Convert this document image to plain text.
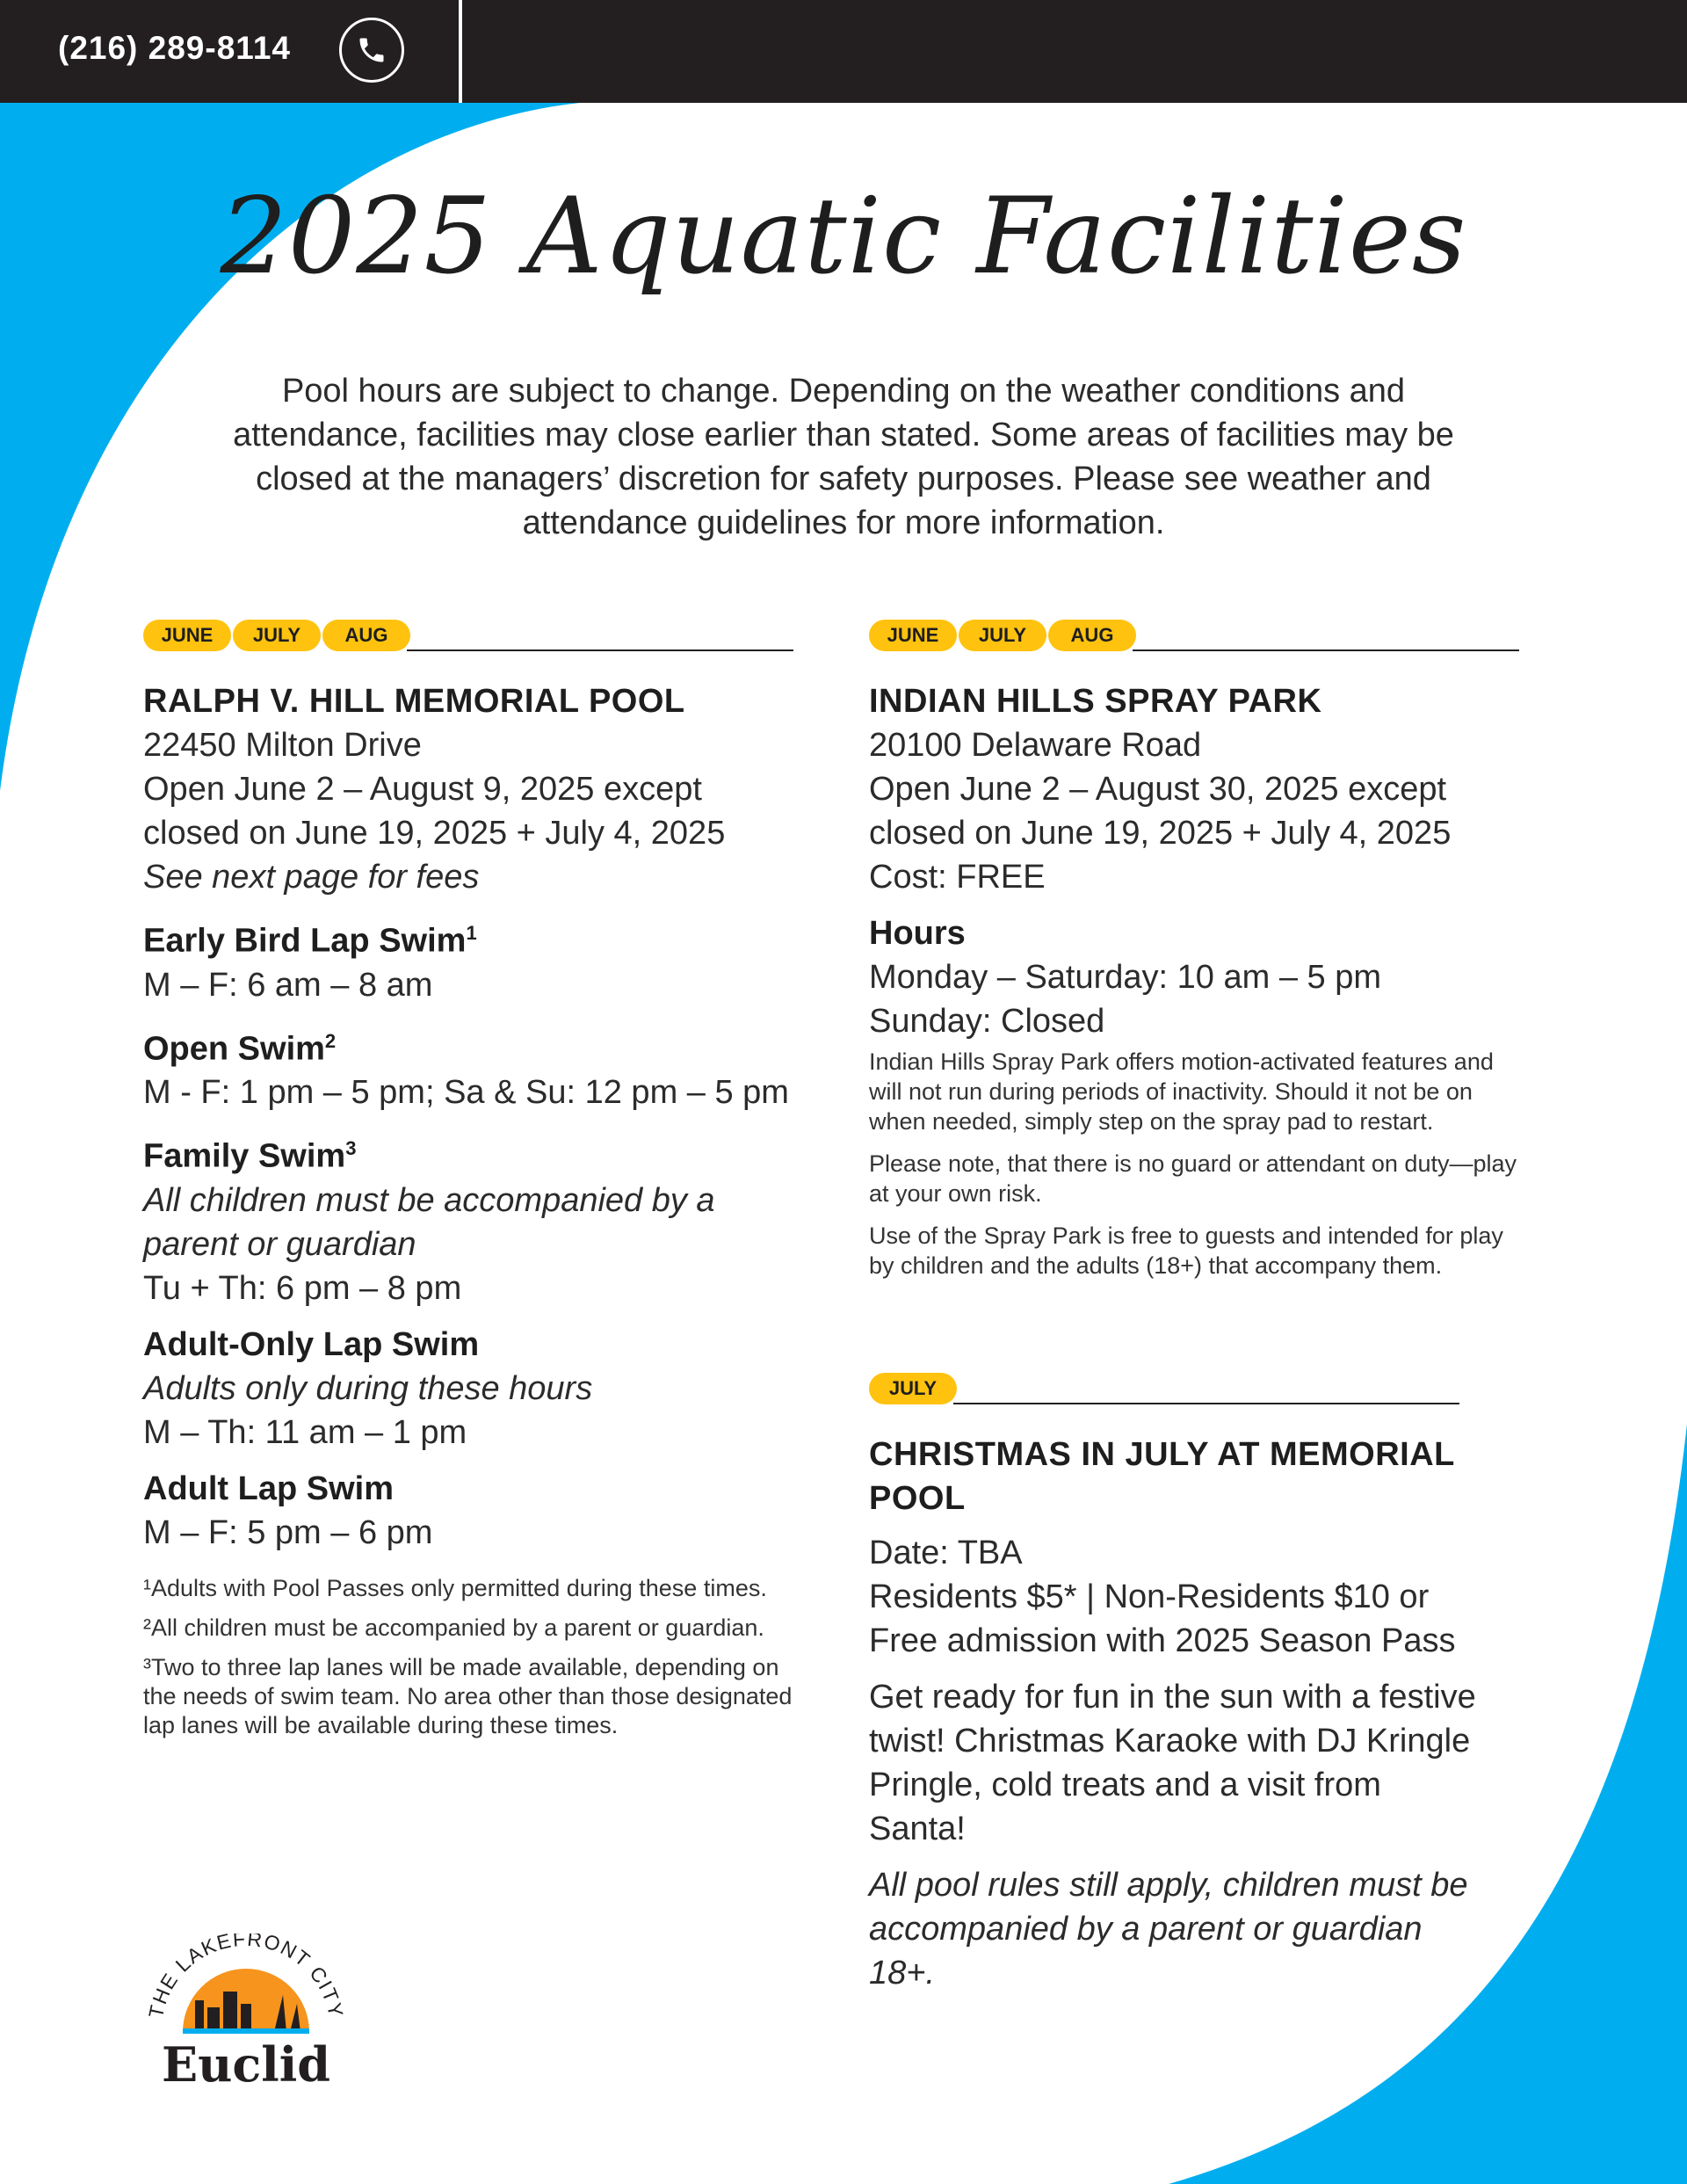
(216) 289-8114
2025 Aquatic Facilities
Pool hours are subject to change. Depending on the weather conditions and attendance, facilities may close earlier than stated. Some areas of facilities may be closed at the managers’ discretion for safety purposes. Please see weather and attendance guidelines for more information.
JUNE	JULY	AUG
RALPH V. HILL MEMORIAL POOL
22450 Milton Drive
Open June 2 – August 9, 2025 except
closed on June 19, 2025 + July 4, 2025
See next page for fees
Early Bird Lap Swim$^1$
M – F: 6 am – 8 am
Open Swim$^2$
M - F: 1 pm – 5 pm; Sa & Su: 12 pm – 5 pm
Family Swim$^3$
All children must be accompanied by a parent or guardian
Tu + Th: 6 pm – 8 pm
Adult-Only Lap Swim
Adults only during these hours
M – Th: 11 am – 1 pm
Adult Lap Swim
M – F: 5 pm – 6 pm
¹Adults with Pool Passes only permitted during these times.
²All children must be accompanied by a parent or guardian.
³Two to three lap lanes will be made available, depending on the needs of swim team. No area other than those designated lap lanes will be available during these times.
JUNE	JULY	AUG
INDIAN HILLS SPRAY PARK
20100 Delaware Road
Open June 2 – August 30, 2025 except
closed on June 19, 2025 + July 4, 2025
Cost: FREE
Hours
Monday – Saturday: 10 am – 5 pm
Sunday: Closed
Indian Hills Spray Park offers motion-activated features and will not run during periods of inactivity. Should it not be on when needed, simply step on the spray pad to restart.
Please note, that there is no guard or attendant on duty—play at your own risk.
Use of the Spray Park is free to guests and intended for play by children and the adults (18+) that accompany them.
JULY
CHRISTMAS IN JULY AT MEMORIAL POOL
Date: TBA
Residents $5* | Non-Residents $10 or
Free admission with 2025 Season Pass
Get ready for fun in the sun with a festive twist! Christmas Karaoke with DJ Kringle Pringle, cold treats and a visit from Santa!
All pool rules still apply, children must be accompanied by a parent or guardian 18+.
THE LAKEFRONT CITY
Euclid
